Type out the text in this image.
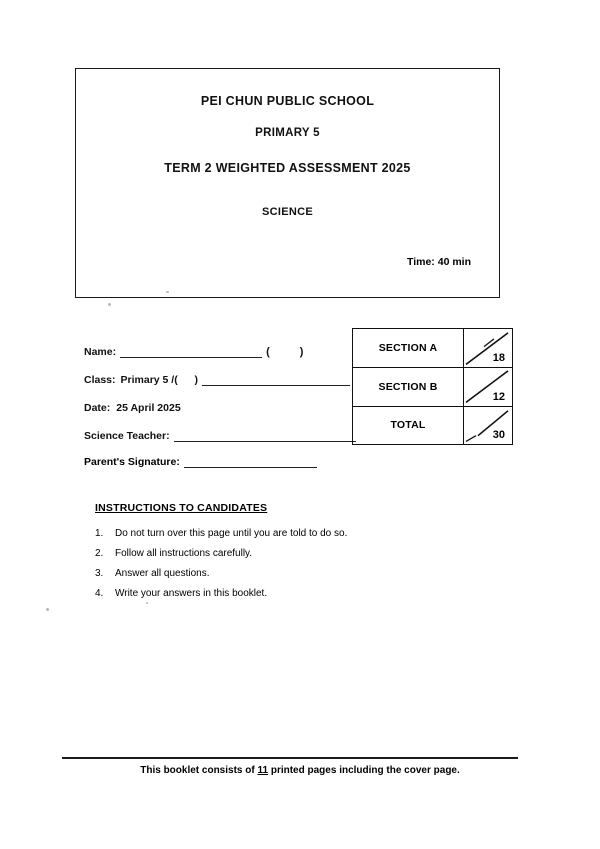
PEI CHUN PUBLIC SCHOOL
PRIMARY 5
TERM 2 WEIGHTED ASSESSMENT 2025
SCIENCE
Time: 40 min
Name:	(	)
Class: Primary 5 /( )
Date: 25 April 2025
Science Teacher:
Parent's Signature:
SECTION A
18
SECTION B
12
TOTAL
30
INSTRUCTIONS TO CANDIDATES
1.	Do not turn over this page until you are told to do so.
2.	Follow all instructions carefully.
3.	Answer all questions.
4.	Write your answers in this booklet.
This booklet consists of 11 printed pages including the cover page.
